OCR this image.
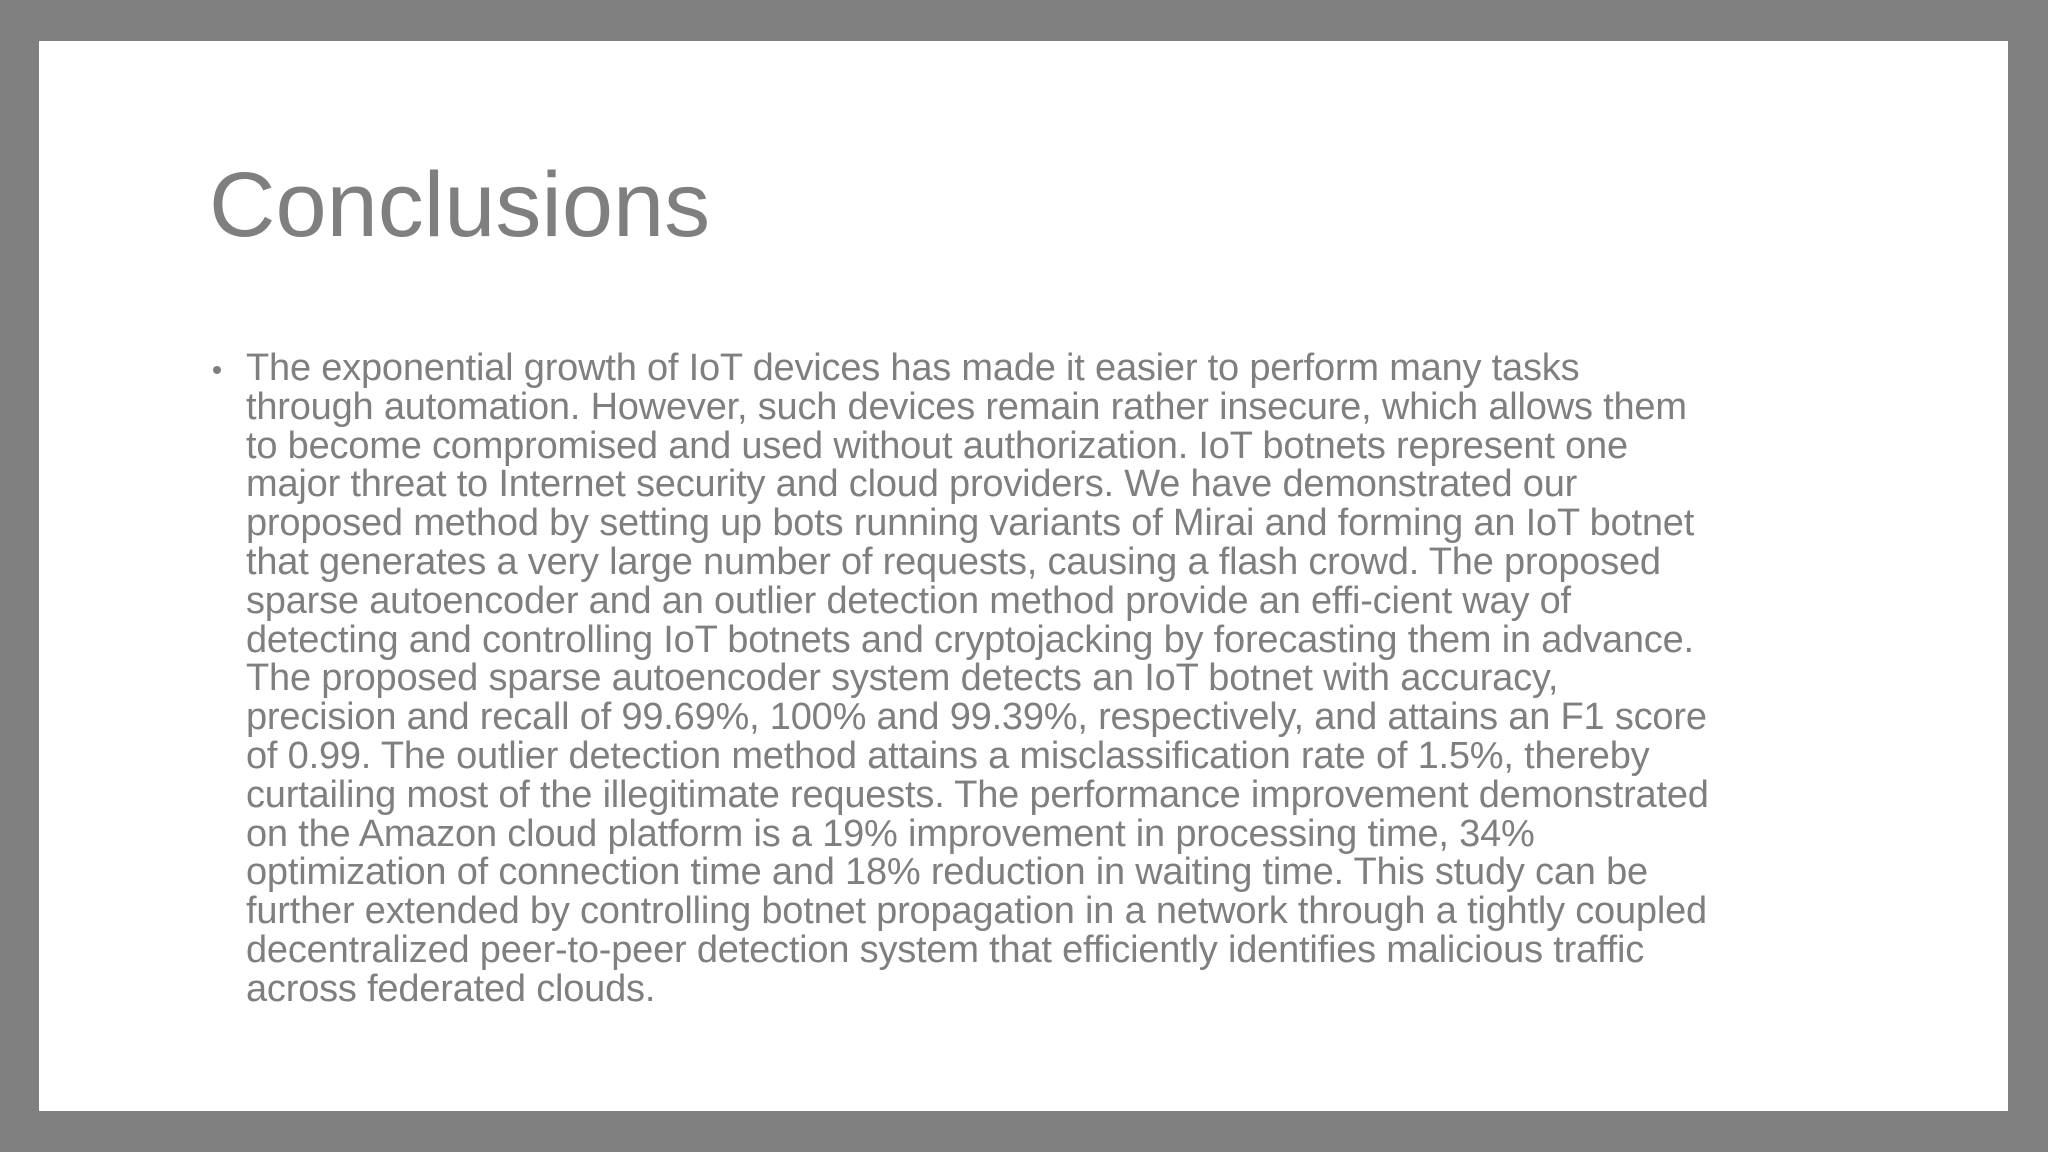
Conclusions
The exponential growth of IoT devices has made it easier to perform many tasks
through automation. However, such devices remain rather insecure, which allows them
to become compromised and used without authorization. IoT botnets represent one
major threat to Internet security and cloud providers. We have demonstrated our
proposed method by setting up bots running variants of Mirai and forming an IoT botnet
that generates a very large number of requests, causing a flash crowd. The proposed
sparse autoencoder and an outlier detection method provide an effi-cient way of
detecting and controlling IoT botnets and cryptojacking by forecasting them in advance.
The proposed sparse autoencoder system detects an IoT botnet with accuracy,
precision and recall of 99.69%, 100% and 99.39%, respectively, and attains an F1 score
of 0.99. The outlier detection method attains a misclassification rate of 1.5%, thereby
curtailing most of the illegitimate requests. The performance improvement demonstrated
on the Amazon cloud platform is a 19% improvement in processing time, 34%
optimization of connection time and 18% reduction in waiting time. This study can be
further extended by controlling botnet propagation in a network through a tightly coupled
decentralized peer-to-peer detection system that efficiently identifies malicious traffic
across federated clouds.
